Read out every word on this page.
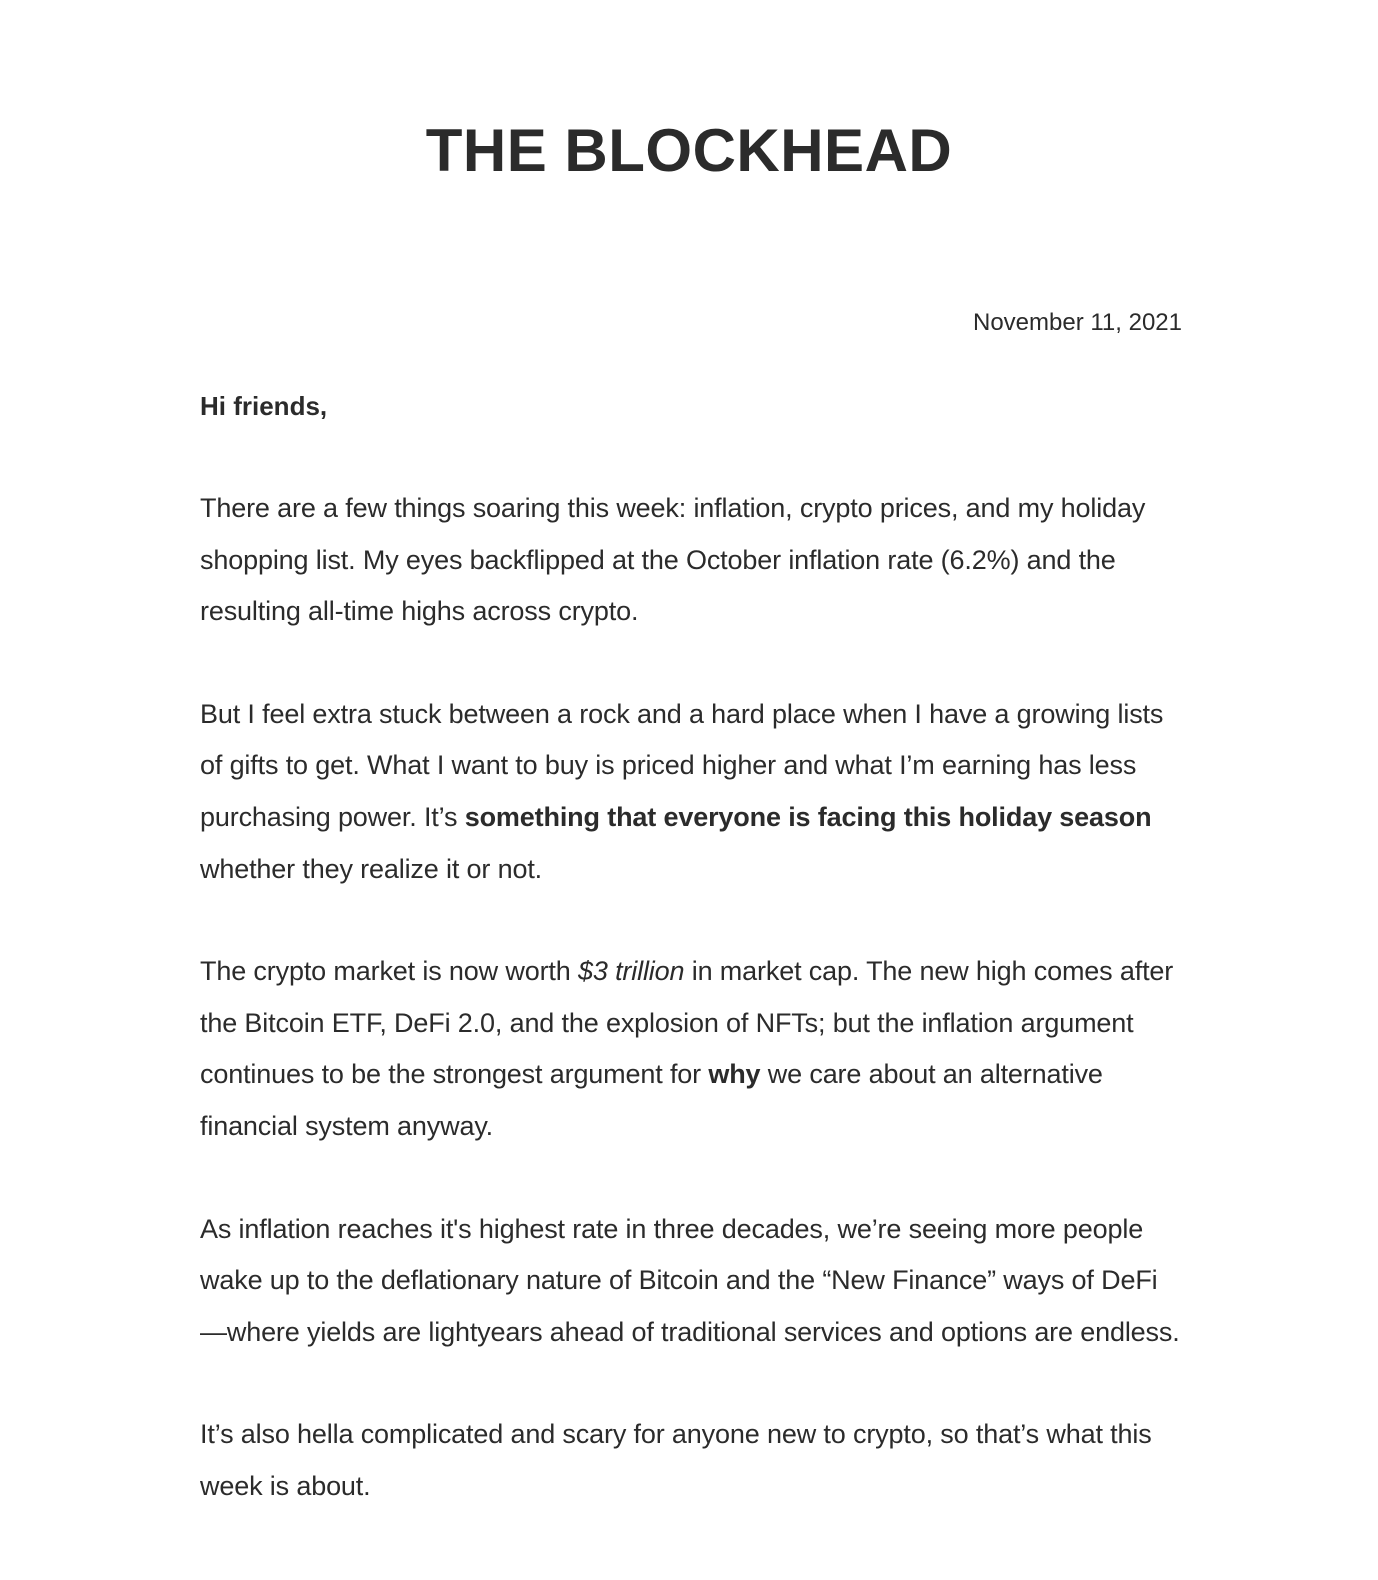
THE BLOCKHEAD

November 11, 2021

Hi friends,

There are a few things soaring this week: inflation, crypto prices, and my holiday shopping list. My eyes backflipped at the October inflation rate (6.2%) and the resulting all-time highs across crypto.

But I feel extra stuck between a rock and a hard place when I have a growing lists of gifts to get. What I want to buy is priced higher and what I’m earning has less purchasing power. It’s something that everyone is facing this holiday season whether they realize it or not.

The crypto market is now worth $3 trillion in market cap. The new high comes after the Bitcoin ETF, DeFi 2.0, and the explosion of NFTs; but the inflation argument continues to be the strongest argument for why we care about an alternative financial system anyway.

As inflation reaches it's highest rate in three decades, we’re seeing more people wake up to the deflationary nature of Bitcoin and the “New Finance” ways of DeFi—where yields are lightyears ahead of traditional services and options are endless.

It’s also hella complicated and scary for anyone new to crypto, so that’s what this week is about.
